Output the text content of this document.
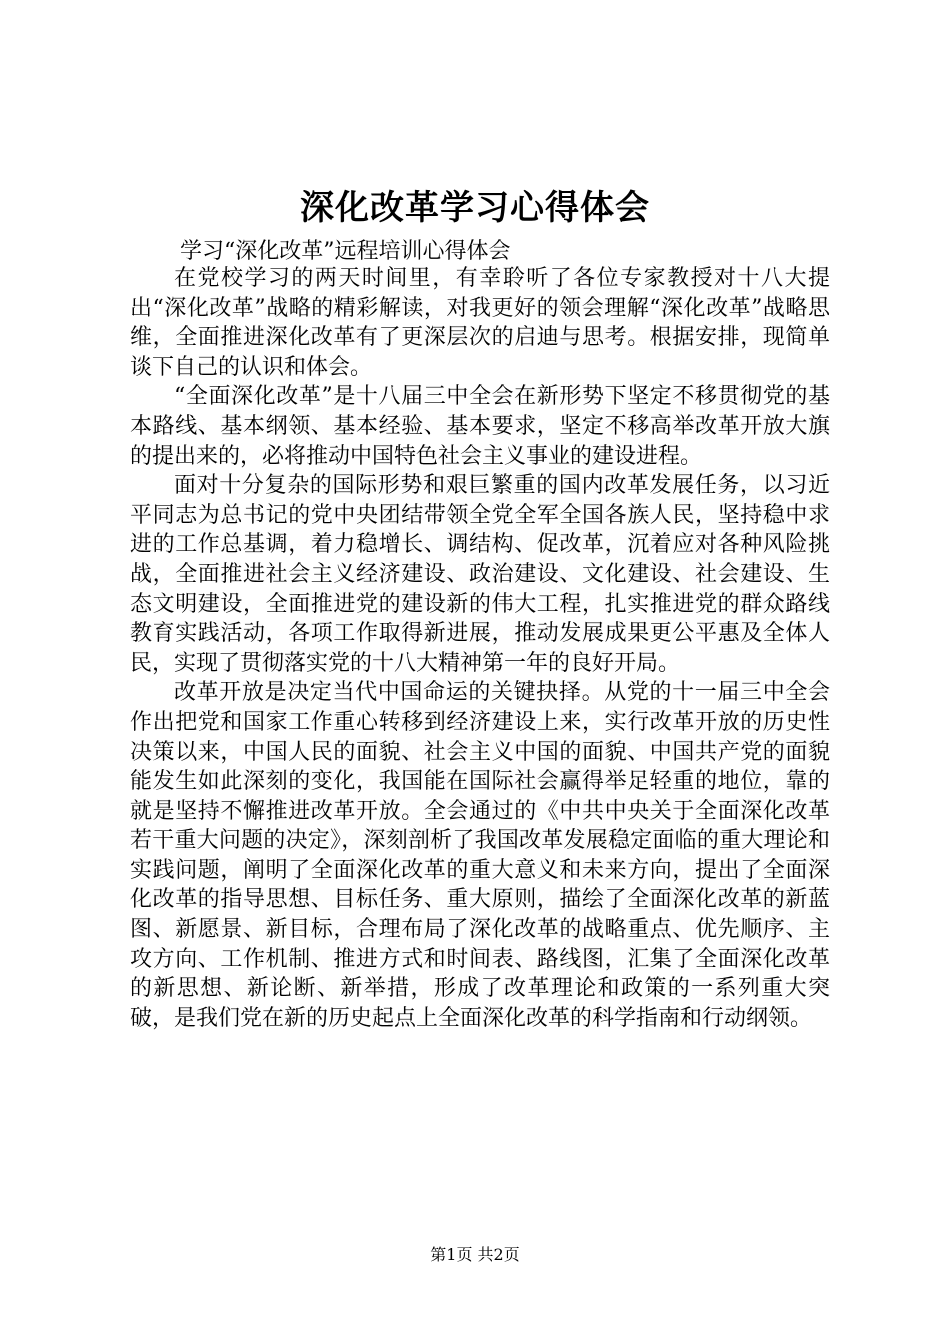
深化改革学习心得体会
学习“深化改革”远程培训心得体会

在党校学习的两天时间里，有幸聆听了各位专家教授对十八大提出“深化改革”战略的精彩解读，对我更好的领会理解“深化改革”战略思维，全面推进深化改革有了更深层次的启迪与思考。根据安排，现简单谈下自己的认识和体会。

“全面深化改革”是十八届三中全会在新形势下坚定不移贯彻党的基本路线、基本纲领、基本经验、基本要求，坚定不移高举改革开放大旗的提出来的，必将推动中国特色社会主义事业的建设进程。

面对十分复杂的国际形势和艰巨繁重的国内改革发展任务，以习近平同志为总书记的党中央团结带领全党全军全国各族人民，坚持稳中求进的工作总基调，着力稳增长、调结构、促改革，沉着应对各种风险挑战，全面推进社会主义经济建设、政治建设、文化建设、社会建设、生态文明建设，全面推进党的建设新的伟大工程，扎实推进党的群众路线教育实践活动，各项工作取得新进展，推动发展成果更公平惠及全体人民，实现了贯彻落实党的十八大精神第一年的良好开局。

改革开放是决定当代中国命运的关键抉择。从党的十一届三中全会作出把党和国家工作重心转移到经济建设上来，实行改革开放的历史性决策以来，中国人民的面貌、社会主义中国的面貌、中国共产党的面貌能发生如此深刻的变化，我国能在国际社会赢得举足轻重的地位，靠的就是坚持不懈推进改革开放。全会通过的《中共中央关于全面深化改革若干重大问题的决定》，深刻剖析了我国改革发展稳定面临的重大理论和实践问题，阐明了全面深化改革的重大意义和未来方向，提出了全面深化改革的指导思想、目标任务、重大原则，描绘了全面深化改革的新蓝图、新愿景、新目标，合理布局了深化改革的战略重点、优先顺序、主攻方向、工作机制、推进方式和时间表、路线图，汇集了全面深化改革的新思想、新论断、新举措，形成了改革理论和政策的一系列重大突破，是我们党在新的历史起点上全面深化改革的科学指南和行动纲领。

第1页 共2页
